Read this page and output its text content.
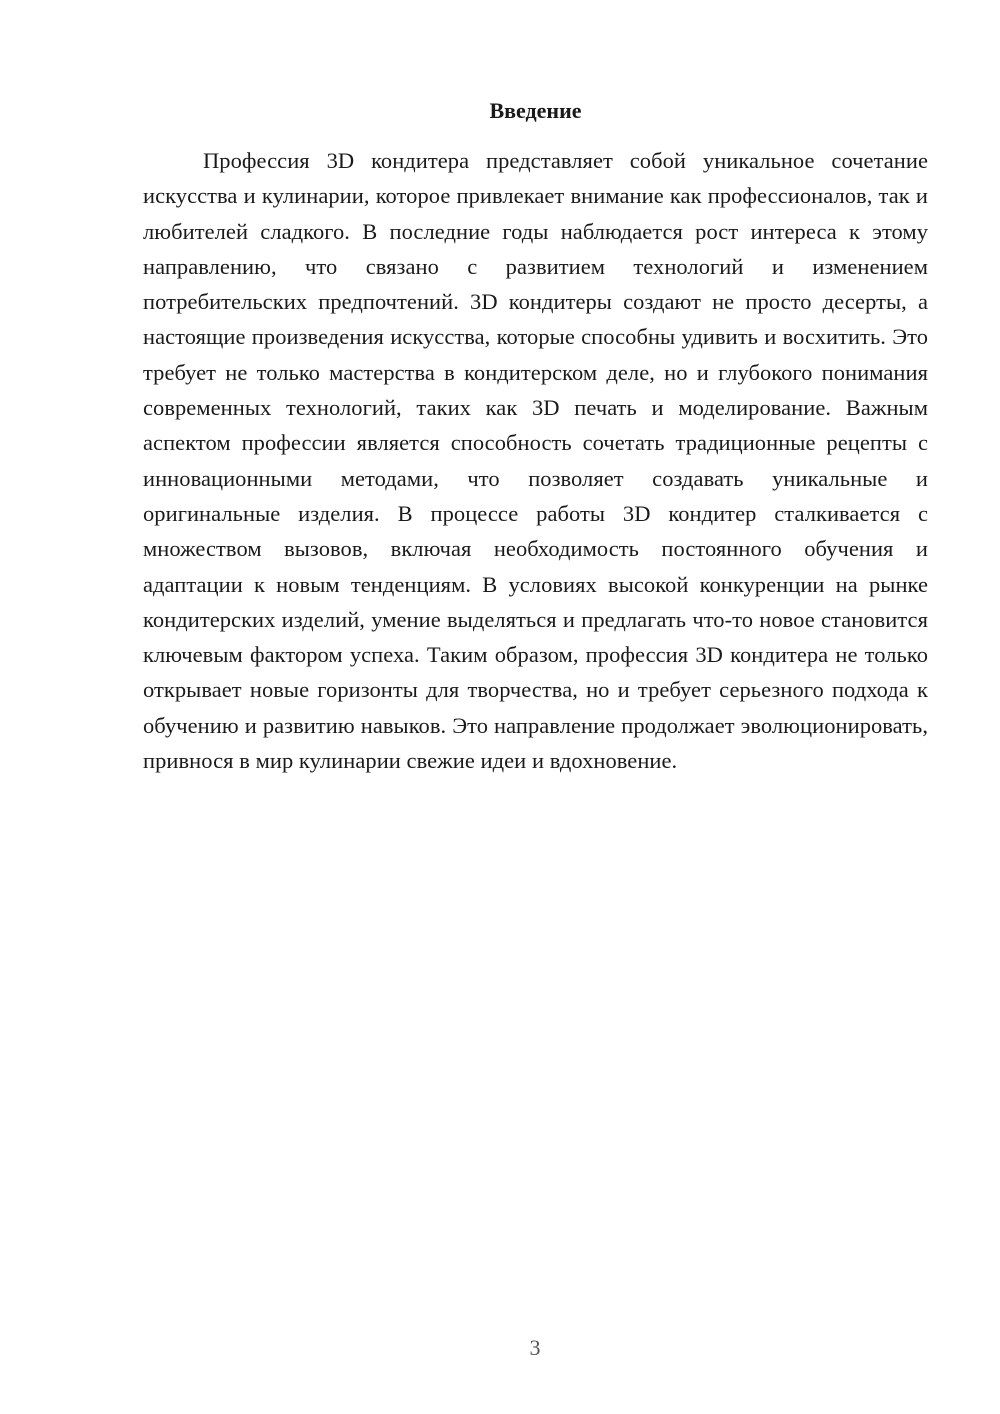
Введение

Профессия 3D кондитера представляет собой уникальное сочетание искусства и кулинарии, которое привлекает внимание как профессионалов, так и любителей сладкого. В последние годы наблюдается рост интереса к этому направлению, что связано с развитием технологий и изменением потребительских предпочтений. 3D кондитеры создают не просто десерты, а настоящие произведения искусства, которые способны удивить и восхитить. Это требует не только мастерства в кондитерском деле, но и глубокого понимания современных технологий, таких как 3D печать и моделирование. Важным аспектом профессии является способность сочетать традиционные рецепты с инновационными методами, что позволяет создавать уникальные и оригинальные изделия. В процессе работы 3D кондитер сталкивается с множеством вызовов, включая необходимость постоянного обучения и адаптации к новым тенденциям. В условиях высокой конкуренции на рынке кондитерских изделий, умение выделяться и предлагать что-то новое становится ключевым фактором успеха. Таким образом, профессия 3D кондитера не только открывает новые горизонты для творчества, но и требует серьезного подхода к обучению и развитию навыков. Это направление продолжает эволюционировать, привнося в мир кулинарии свежие идеи и вдохновение.

3
